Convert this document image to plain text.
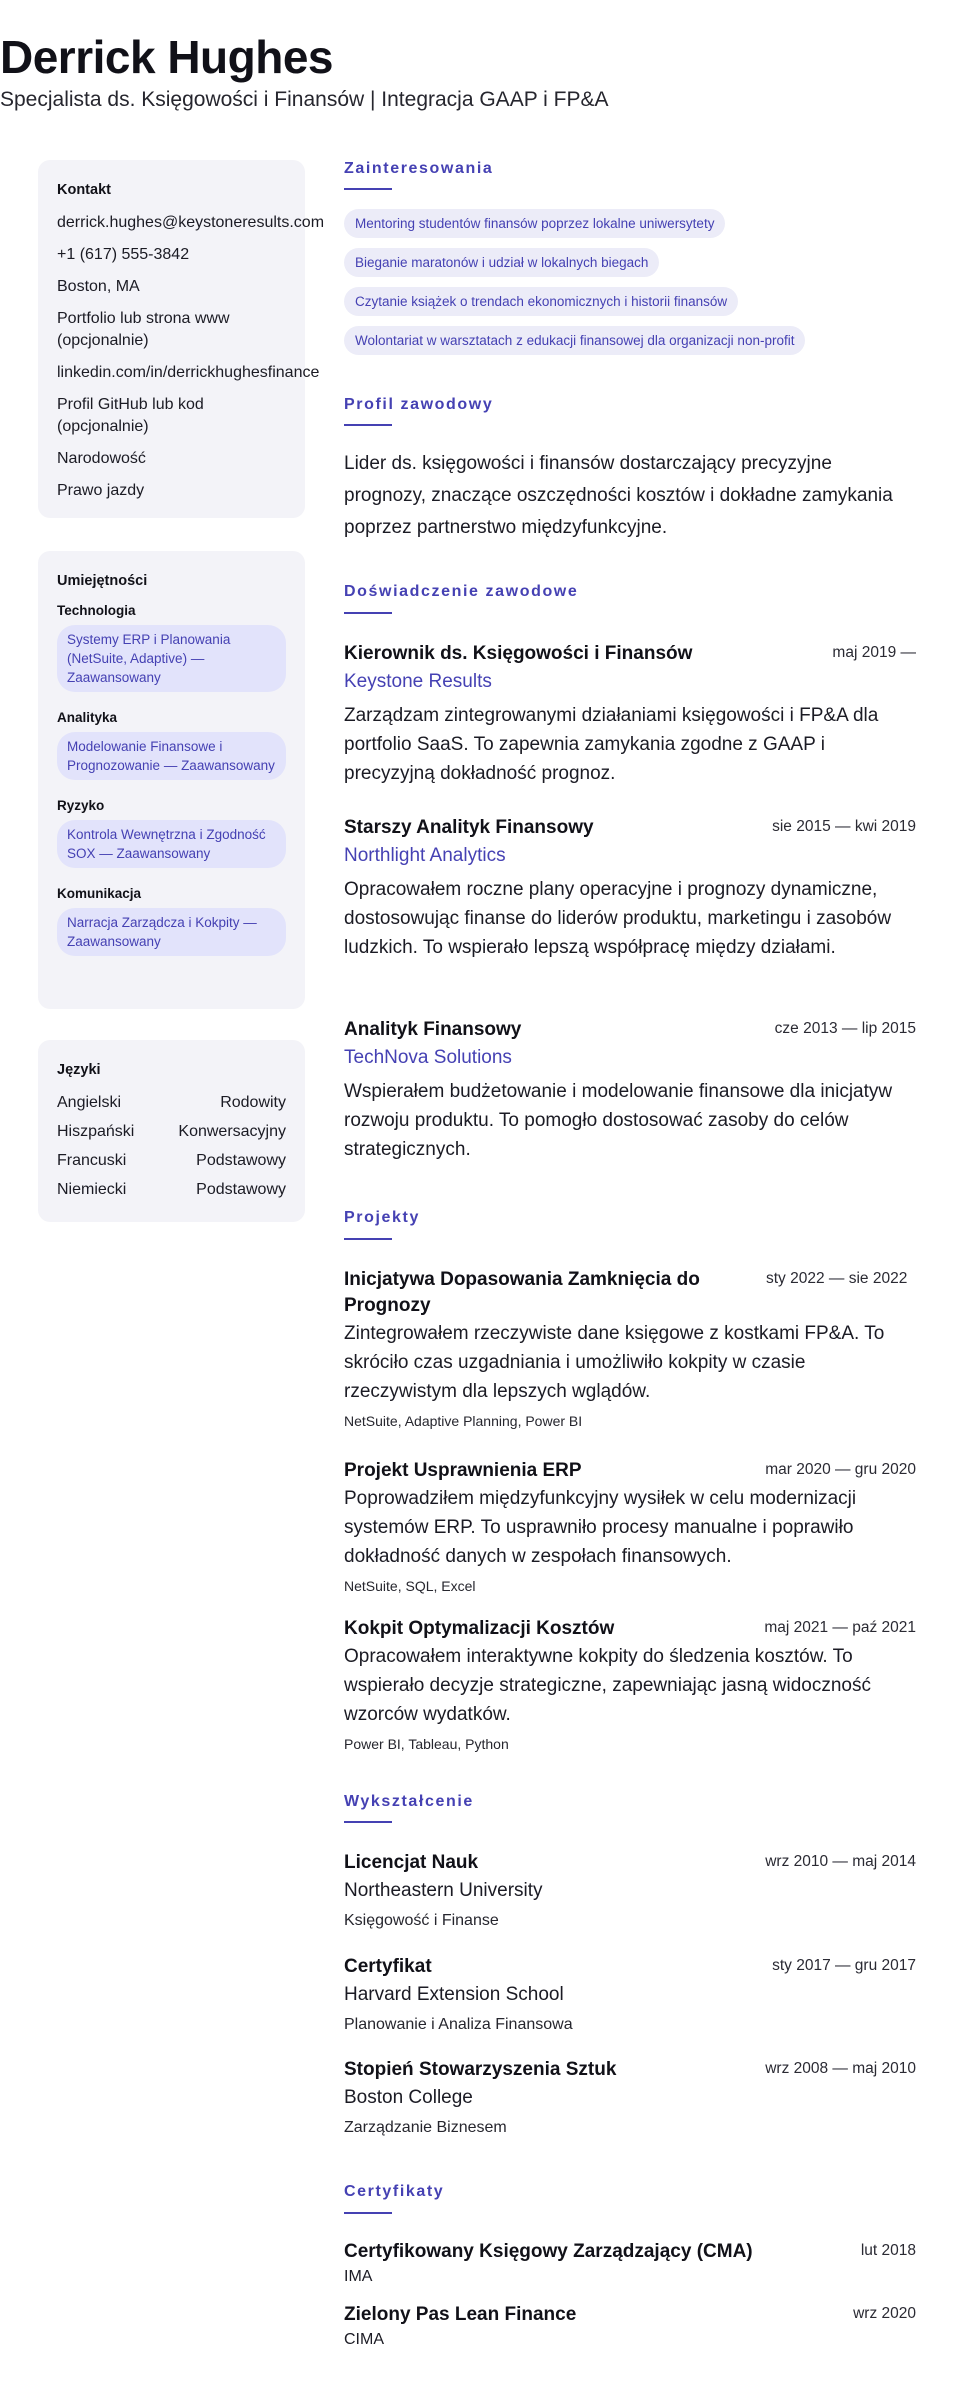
Derrick Hughes
Specjalista ds. Księgowości i Finansów | Integracja GAAP i FP&A
Kontakt
derrick.hughes@keystoneresults.com
+1 (617) 555-3842
Boston, MA
Portfolio lub strona www (opcjonalnie)
linkedin.com/in/derrickhughesfinance
Profil GitHub lub kod (opcjonalnie)
Narodowość
Prawo jazdy
Umiejętności
Technologia
Systemy ERP i Planowania (NetSuite, Adaptive) — Zaawansowany
Analityka
Modelowanie Finansowe i Prognozowanie — Zaawansowany
Ryzyko
Kontrola Wewnętrzna i Zgodność SOX — Zaawansowany
Komunikacja
Narracja Zarządcza i Kokpity — Zaawansowany
Języki
Angielski	Rodowity
Hiszpański	Konwersacyjny
Francuski	Podstawowy
Niemiecki	Podstawowy
Zainteresowania
Mentoring studentów finansów poprzez lokalne uniwersytety
Bieganie maratonów i udział w lokalnych biegach
Czytanie książek o trendach ekonomicznych i historii finansów
Wolontariat w warsztatach z edukacji finansowej dla organizacji non-profit
Profil zawodowy
Lider ds. księgowości i finansów dostarczający precyzyjne prognozy, znaczące oszczędności kosztów i dokładne zamykania poprzez partnerstwo międzyfunkcyjne.
Doświadczenie zawodowe
Kierownik ds. Księgowości i Finansów	maj 2019 —
Keystone Results
Zarządzam zintegrowanymi działaniami księgowości i FP&A dla portfolio SaaS. To zapewnia zamykania zgodne z GAAP i precyzyjną dokładność prognoz.
Starszy Analityk Finansowy	sie 2015 — kwi 2019
Northlight Analytics
Opracowałem roczne plany operacyjne i prognozy dynamiczne, dostosowując finanse do liderów produktu, marketingu i zasobów ludzkich. To wspierało lepszą współpracę między działami.
Analityk Finansowy	cze 2013 — lip 2015
TechNova Solutions
Wspierałem budżetowanie i modelowanie finansowe dla inicjatyw rozwoju produktu. To pomogło dostosować zasoby do celów strategicznych.
Projekty
Inicjatywa Dopasowania Zamknięcia do Prognozy
sty 2022 — sie 2022
Zintegrowałem rzeczywiste dane księgowe z kostkami FP&A. To skróciło czas uzgadniania i umożliwiło kokpity w czasie rzeczywistym dla lepszych wglądów.
NetSuite, Adaptive Planning, Power BI
Projekt Usprawnienia ERP	mar 2020 — gru 2020
Poprowadziłem międzyfunkcyjny wysiłek w celu modernizacji systemów ERP. To usprawniło procesy manualne i poprawiło dokładność danych w zespołach finansowych.
NetSuite, SQL, Excel
Kokpit Optymalizacji Kosztów	maj 2021 — paź 2021
Opracowałem interaktywne kokpity do śledzenia kosztów. To wspierało decyzje strategiczne, zapewniając jasną widoczność wzorców wydatków.
Power BI, Tableau, Python
Wykształcenie
Licencjat Nauk	wrz 2010 — maj 2014
Northeastern University
Księgowość i Finanse
Certyfikat	sty 2017 — gru 2017
Harvard Extension School
Planowanie i Analiza Finansowa
Stopień Stowarzyszenia Sztuk	wrz 2008 — maj 2010
Boston College
Zarządzanie Biznesem
Certyfikaty
Certyfikowany Księgowy Zarządzający (CMA)	lut 2018
IMA
Zielony Pas Lean Finance	wrz 2020
CIMA
